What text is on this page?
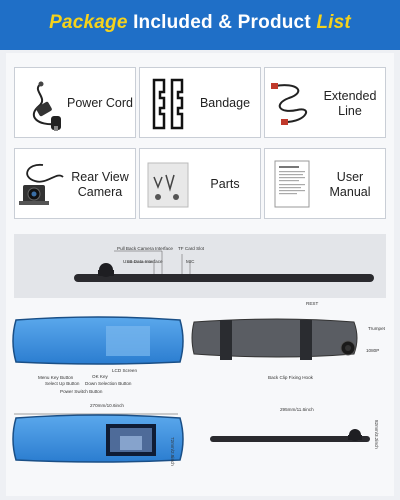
Package Included & Product List
Power Cord	Bandage
Extended Line
Rear View Camera
Parts
User Manual
Pull Back Camera Interface TF Card Slot
USB Data Interface	MIC
LCD Screen
OK Key
Menu Key Button
Down Selection Button
Select Up Button
Power Switch Button
REST
Trumpet
1080P
Back Clip Fixing Hook
270mm/10.6inch
72mm/2.8inch
295mm/11.6inch
82mm/3.2inch
